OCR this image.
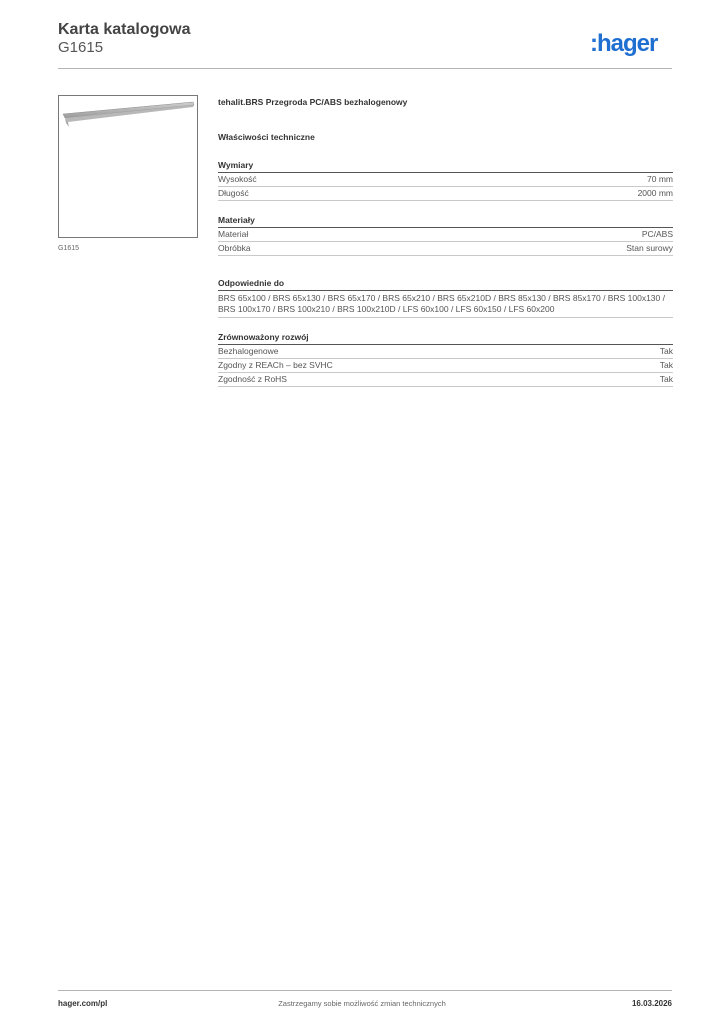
Karta katalogowa
G1615	:hager
G1615
tehalit.BRS Przegroda PC/ABS bezhalogenowy
Właściwości techniczne
Wymiary
Wysokość	70 mm
Długość	2000 mm
Materiały
Materiał	PC/ABS
Obróbka	Stan surowy
Odpowiednie do
BRS 65x100 / BRS 65x130 / BRS 65x170 / BRS 65x210 / BRS 65x210D / BRS 85x130 / BRS 85x170 / BRS 100x130 / BRS 100x170 / BRS 100x210 / BRS 100x210D / LFS 60x100 / LFS 60x150 / LFS 60x200
Zrównoważony rozwój
Bezhalogenowe	Tak
Zgodny z REACh – bez SVHC	Tak
Zgodność z RoHS	Tak
hager.com/pl	Zastrzegamy sobie możliwość zmian technicznych	16.03.2026
